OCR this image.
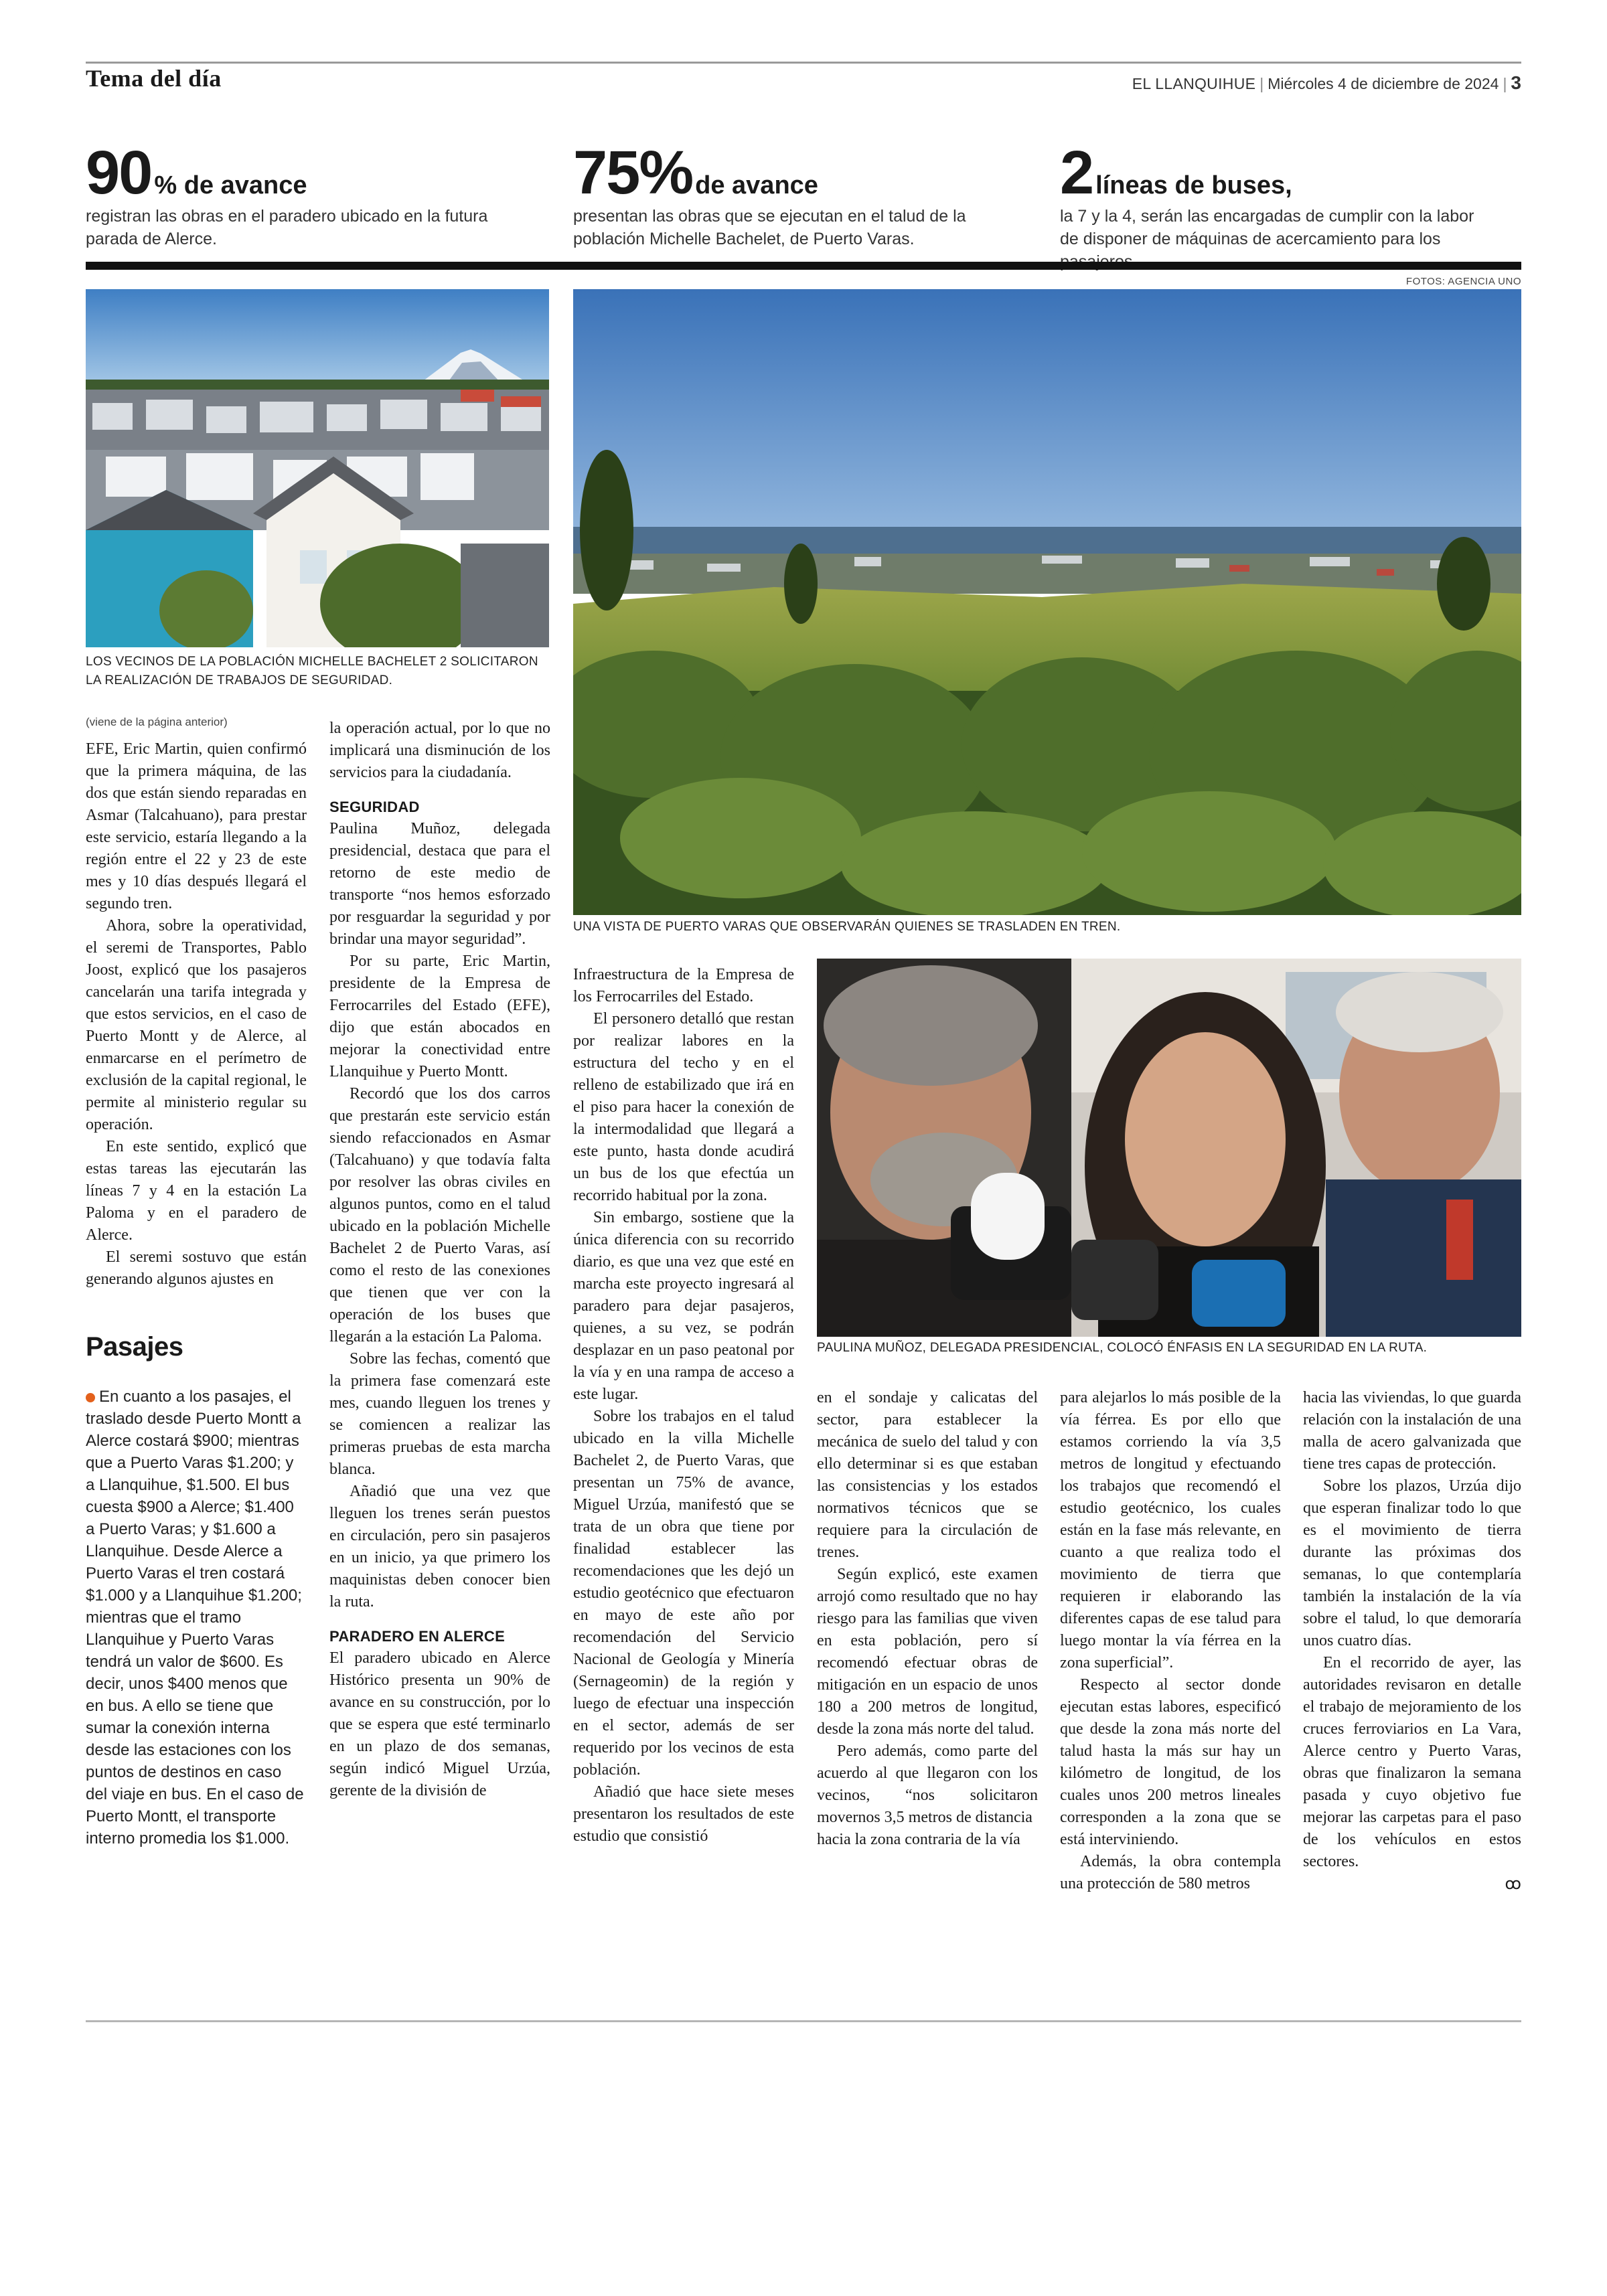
Tema del día	EL LLANQUIHUE | Miércoles 4 de diciembre de 2024 | 3
90 % de avance
registran las obras en el paradero ubicado en la futura parada de Alerce.
75% de avance
presentan las obras que se ejecutan en el talud de la población Michelle Bachelet, de Puerto Varas.
2 líneas de buses,
la 7 y la 4, serán las encargadas de cumplir con la labor de disponer de máquinas de acercamiento para los
FOTOS: AGENCIA UNO
LOS VECINOS DE LA POBLACIÓN MICHELLE BACHELET 2 SOLICITARON LA REALIZACIÓN DE TRABAJOS DE SEGURIDAD.
UNA VISTA DE PUERTO VARAS QUE OBSERVARÁN QUIENES SE TRASLADEN EN TREN.
PAULINA MUÑOZ, DELEGADA PRESIDENCIAL, COLOCÓ ÉNFASIS EN LA SEGURIDAD EN LA RUTA.
(viene de la página anterior)

EFE, Eric Martin, quien confirmó que la primera máquina, de las dos que están siendo reparadas en Asmar (Talcahuano), para prestar este servicio, estaría llegando a la región entre el 22 y 23 de este mes y 10 días después llegará el segundo tren.

Ahora, sobre la operatividad, el seremi de Transportes, Pablo Joost, explicó que los pasajeros cancelarán una tarifa integrada y que estos servicios, en el caso de Puerto Montt y de Alerce, al enmarcarse en el perímetro de exclusión de la capital regional, le permite al ministerio regular su operación.

En este sentido, explicó que estas tareas las ejecutarán las líneas 7 y 4 en la estación La Paloma y en el paradero de Alerce.

El seremi sostuvo que están generando algunos ajustes en

Pasajes
En cuanto a los pasajes, el traslado desde Puerto Montt a Alerce costará $900; mientras que a Puerto Varas $1.200; y a Llanquihue, $1.500. El bus cuesta $900 a Alerce; $1.400 a Puerto Varas; y $1.600 a Llanquihue. Desde Alerce a Puerto Varas el tren costará $1.000 y a Llanquihue $1.200; mientras que el tramo Llanquihue y Puerto Varas tendrá un valor de $600. Es decir, unos $400 menos que en bus. A ello se tiene que sumar la conexión interna desde las estaciones con los puntos de destinos en caso del viaje en bus. En el caso de Puerto Montt, el transporte interno promedia los $1.000.

la operación actual, por lo que no implicará una disminución de los servicios para la ciudadanía.

SEGURIDAD

Paulina Muñoz, delegada presidencial, destaca que para el retorno de este medio de transporte “nos hemos esforzado por resguardar la seguridad y por brindar una mayor seguridad”.

Por su parte, Eric Martin, presidente de la Empresa de Ferrocarriles del Estado (EFE), dijo que están abocados en mejorar la conectividad entre Llanquihue y Puerto Montt.

Recordó que los dos carros que prestarán este servicio están siendo refaccionados en Asmar (Talcahuano) y que todavía falta por resolver las obras civiles en algunos puntos, como en el talud ubicado en la población Michelle Bachelet 2 de Puerto Varas, así como el resto de las conexiones que tienen que ver con la operación de los buses que llegarán a la estación La Paloma.

Sobre las fechas, comentó que la primera fase comenzará este mes, cuando lleguen los trenes y se comiencen a realizar las primeras pruebas de esta marcha blanca.

Añadió que una vez que lleguen los trenes serán puestos en circulación, pero sin pasajeros en un inicio, ya que primero los maquinistas deben conocer bien la ruta.

PARADERO EN ALERCE

El paradero ubicado en Alerce Histórico presenta un 90% de avance en su construcción, por lo que se espera que esté terminarlo en un plazo de dos semanas, según indicó Miguel Urzúa, gerente de la división de

Infraestructura de la Empresa de los Ferrocarriles del Estado.

El personero detalló que restan por realizar labores en la estructura del techo y en el relleno de estabilizado que irá en el piso para hacer la conexión de la intermodalidad que llegará a este punto, hasta donde acudirá un bus de los que efectúa un recorrido habitual por la zona.

Sin embargo, sostiene que la única diferencia con su recorrido diario, es que una vez que esté en marcha este proyecto ingresará al paradero para dejar pasajeros, quienes, a su vez, se podrán desplazar en un paso peatonal por la vía y en una rampa de acceso a este lugar.

Sobre los trabajos en el talud ubicado en la villa Michelle Bachelet 2, de Puerto Varas, que presentan un 75% de avance, Miguel Urzúa, manifestó que se trata de un obra que tiene por finalidad establecer las recomendaciones que les dejó un estudio geotécnico que efectuaron en mayo de este año por recomendación del Servicio Nacional de Geología y Minería (Sernageomin) de la región y luego de efectuar una inspección en el sector, además de ser requerido por los vecinos de esta población.

Añadió que hace siete meses presentaron los resultados de este estudio que consistió

en el sondaje y calicatas del sector, para establecer la mecánica de suelo del talud y con ello determinar si es que estaban las consistencias y los estados normativos técnicos que se requiere para la circulación de trenes.

Según explicó, este examen arrojó como resultado que no hay riesgo para las familias que viven en esta población, pero sí recomendó efectuar obras de mitigación en un espacio de unos 180 a 200 metros de longitud, desde la zona más norte del talud.

Pero además, como parte del acuerdo al que llegaron con los vecinos, “nos solicitaron movernos 3,5 metros de distancia

hacia la zona contraria de la vía

para alejarlos lo más posible de la vía férrea. Es por ello que estamos corriendo la vía 3,5 metros de longitud y efectuando los trabajos que recomendó el estudio geotécnico, los cuales están en la fase más relevante, en cuanto a que realiza todo el movimiento de tierra que requieren ir elaborando las diferentes capas de ese talud para luego montar la vía férrea en la zona superficial”.

Respecto al sector donde ejecutan estas labores, especificó que desde la zona más norte del talud hasta la más sur hay un kilómetro de longitud, de los cuales unos 200 metros lineales corresponden a la zona que se está interviniendo.

Además, la obra contempla una protección de 580 metros

hacia las viviendas, lo que guarda relación con la instalación de una malla de acero galvanizada que tiene tres capas de protección.

Sobre los plazos, Urzúa dijo que esperan finalizar todo lo que es el movimiento de tierra durante las próximas dos semanas, lo que contemplaría también la instalación de la vía sobre el talud, lo que demoraría unos cuatro días.

En el recorrido de ayer, las autoridades revisaron en detalle el trabajo de mejoramiento de los cruces ferroviarios en La Vara, Alerce centro y Puerto Varas, obras que finalizaron la semana pasada y cuyo objetivo fue mejorar las carpetas para el paso de los vehículos en estos sectores.

ꝏ
